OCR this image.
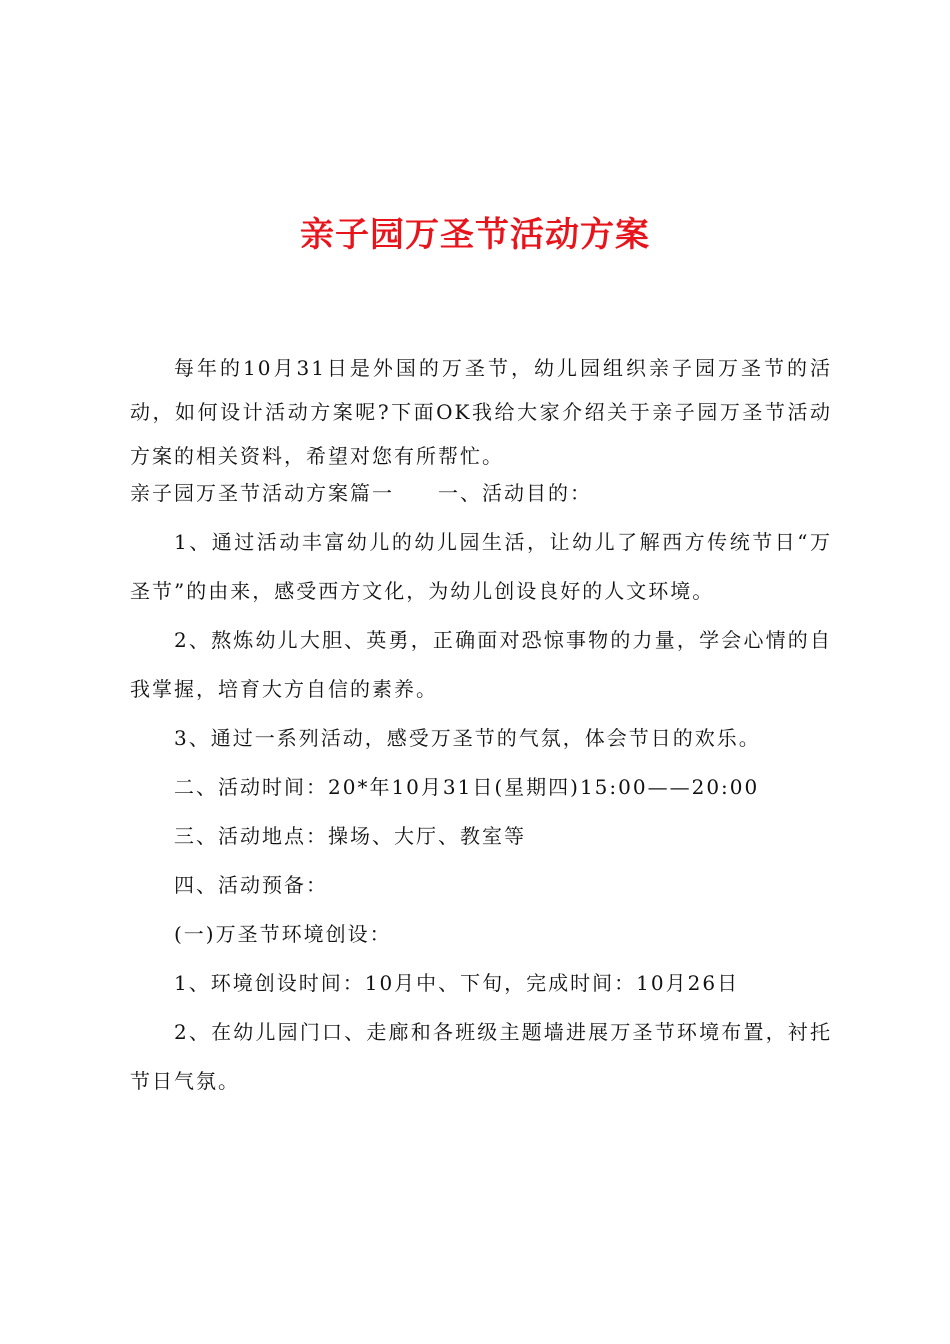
亲子园万圣节活动方案

每年的10月31日是外国的万圣节，幼儿园组织亲子园万圣节的活动，如何设计活动方案呢?下面OK我给大家介绍关于亲子园万圣节活动方案的相关资料，希望对您有所帮忙。

亲子园万圣节活动方案篇一　　一、活动目的：

1、通过活动丰富幼儿的幼儿园生活，让幼儿了解西方传统节日“万圣节”的由来，感受西方文化，为幼儿创设良好的人文环境。

2、熬炼幼儿大胆、英勇，正确面对恐惊事物的力量，学会心情的自我掌握，培育大方自信的素养。

3、通过一系列活动，感受万圣节的气氛，体会节日的欢乐。

二、活动时间：20*年10月31日(星期四)15:00——20:00

三、活动地点：操场、大厅、教室等

四、活动预备：

(一)万圣节环境创设：

1、环境创设时间：10月中、下旬，完成时间：10月26日

2、在幼儿园门口、走廊和各班级主题墙进展万圣节环境布置，衬托节日气氛。
